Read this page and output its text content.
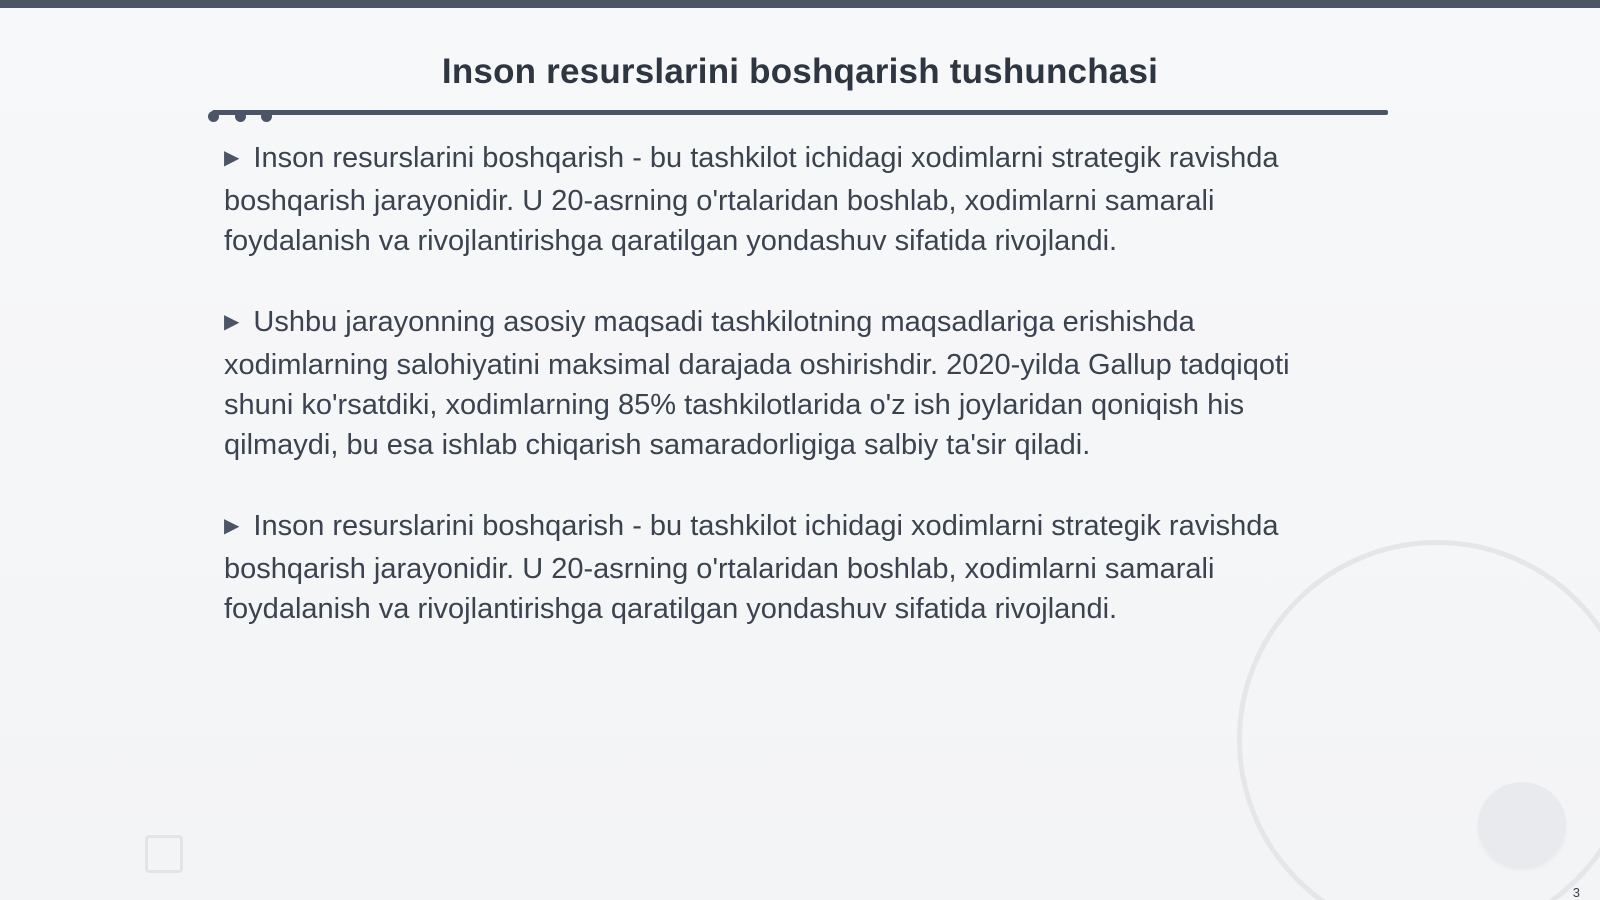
Inson resurslarini boshqarish tushunchasi

▶ Inson resurslarini boshqarish - bu tashkilot ichidagi xodimlarni strategik ravishda boshqarish jarayonidir. U 20-asrning o'rtalaridan boshlab, xodimlarni samarali foydalanish va rivojlantirishga qaratilgan yondashuv sifatida rivojlandi.

▶ Ushbu jarayonning asosiy maqsadi tashkilotning maqsadlariga erishishda xodimlarning salohiyatini maksimal darajada oshirishdir. 2020-yilda Gallup tadqiqoti shuni ko'rsatdiki, xodimlarning 85% tashkilotlarida o'z ish joylaridan qoniqish his qilmaydi, bu esa ishlab chiqarish samaradorligiga salbiy ta'sir qiladi.

▶ Inson resurslarini boshqarish - bu tashkilot ichidagi xodimlarni strategik ravishda boshqarish jarayonidir. U 20-asrning o'rtalaridan boshlab, xodimlarni samarali foydalanish va rivojlantirishga qaratilgan yondashuv sifatida rivojlandi.

3
